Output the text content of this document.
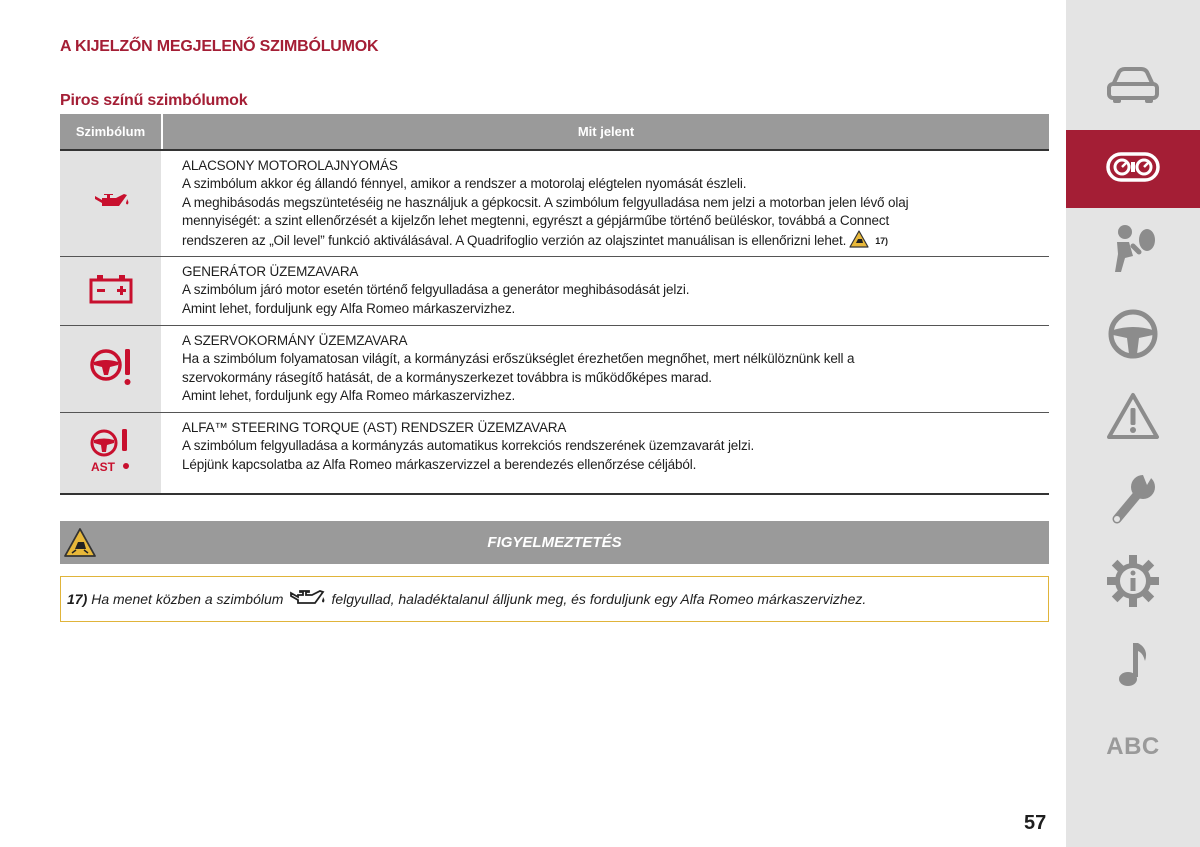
A KIJELZŐN MEGJELENŐ SZIMBÓLUMOK
Piros színű szimbólumok
Szimbólum	Mit jelent
ALACSONY MOTOROLAJNYOMÁS
A szimbólum akkor ég állandó fénnyel, amikor a rendszer a motorolaj elégtelen nyomását észleli.
A meghibásodás megszüntetéséig ne használjuk a gépkocsit. A szimbólum felgyulladása nem jelzi a motorban jelen lévő olaj
mennyiségét: a szint ellenőrzését a kijelzőn lehet megtenni, egyrészt a gépjárműbe történő beüléskor, továbbá a Connect
rendszeren az „Oil level” funkció aktiválásával. A Quadrifoglio verzión az olajszintet manuálisan is ellenőrizni lehet.	17)
GENERÁTOR ÜZEMZAVARA
A szimbólum járó motor esetén történő felgyulladása a generátor meghibásodását jelzi.
Amint lehet, forduljunk egy Alfa Romeo márkaszervizhez.
A SZERVOKORMÁNY ÜZEMZAVARA
Ha a szimbólum folyamatosan világít, a kormányzási erőszükséglet érezhetően megnőhet, mert nélkülöznünk kell a
szervokormány rásegítő hatását, de a kormányszerkezet továbbra is működőképes marad.
Amint lehet, forduljunk egy Alfa Romeo márkaszervizhez.
AST
ALFA™ STEERING TORQUE (AST) RENDSZER ÜZEMZAVARA
A szimbólum felgyulladása a kormányzás automatikus korrekciós rendszerének üzemzavarát jelzi.
Lépjünk kapcsolatba az Alfa Romeo márkaszervizzel a berendezés ellenőrzése céljából.
FIGYELMEZTETÉS
17) Ha menet közben a szimbólum	felgyullad, haladéktalanul álljunk meg, és forduljunk egy Alfa Romeo márkaszervizhez.
ABC
57
